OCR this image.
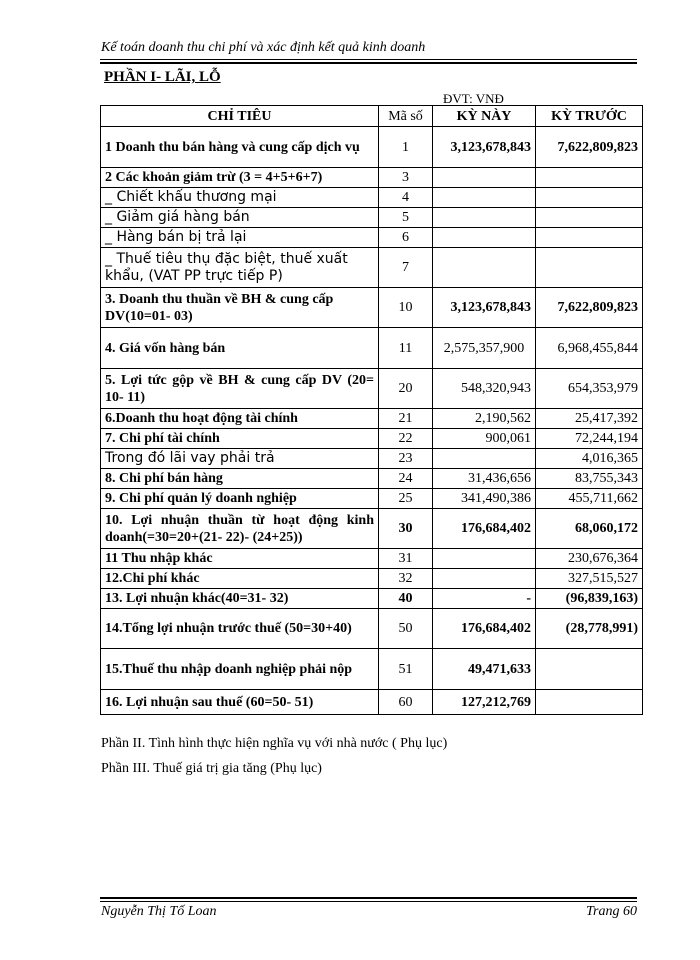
Kế toán doanh thu chi phí và xác định kết quả kinh doanh
PHẦN I- LÃI, LỖ
ĐVT: VNĐ
CHỈ TIÊU	Mã số	KỲ NÀY	KỲ TRƯỚC
1 Doanh thu bán hàng và cung cấp dịch vụ	1	3,123,678,843	7,622,809,823
2 Các khoản giảm trừ (3 = 4+5+6+7)	3		
_ Chiết khấu thương mại	4		
_ Giảm giá hàng bán	5		
_ Hàng bán bị trả lại	6		
_ Thuế tiêu thụ đặc biệt, thuế xuất khẩu, (VAT PP trực tiếp P)	7		
3. Doanh thu thuần về BH & cung cấp DV(10=01- 03)	10	3,123,678,843	7,622,809,823
4. Giá vốn hàng bán	11	2,575,357,900	6,968,455,844
5. Lợi tức gộp về BH & cung cấp DV (20= 10- 11)	20	548,320,943	654,353,979
6.Doanh thu hoạt động tài chính	21	2,190,562	25,417,392
7. Chi phí tài chính	22	900,061	72,244,194
Trong đó lãi vay phải trả	23		4,016,365
8. Chi phí bán hàng	24	31,436,656	83,755,343
9. Chi phí quản lý doanh nghiệp	25	341,490,386	455,711,662
10. Lợi nhuận thuần từ hoạt động kinh doanh(=30=20+(21- 22)- (24+25))	30	176,684,402	68,060,172
11 Thu nhập khác	31		230,676,364
12.Chi phí khác	32		327,515,527
13. Lợi nhuận khác(40=31- 32)	40	-	(96,839,163)
14.Tổng lợi nhuận trước thuế (50=30+40)	50	176,684,402	(28,778,991)
15.Thuế thu nhập doanh nghiệp phải nộp	51	49,471,633	
16. Lợi nhuận sau thuế (60=50- 51)	60	127,212,769	
Phần II. Tình hình thực hiện nghĩa vụ với nhà nước ( Phụ lục)
Phần III. Thuế giá trị gia tăng (Phụ lục)
Nguyễn Thị Tố Loan	Trang 60
